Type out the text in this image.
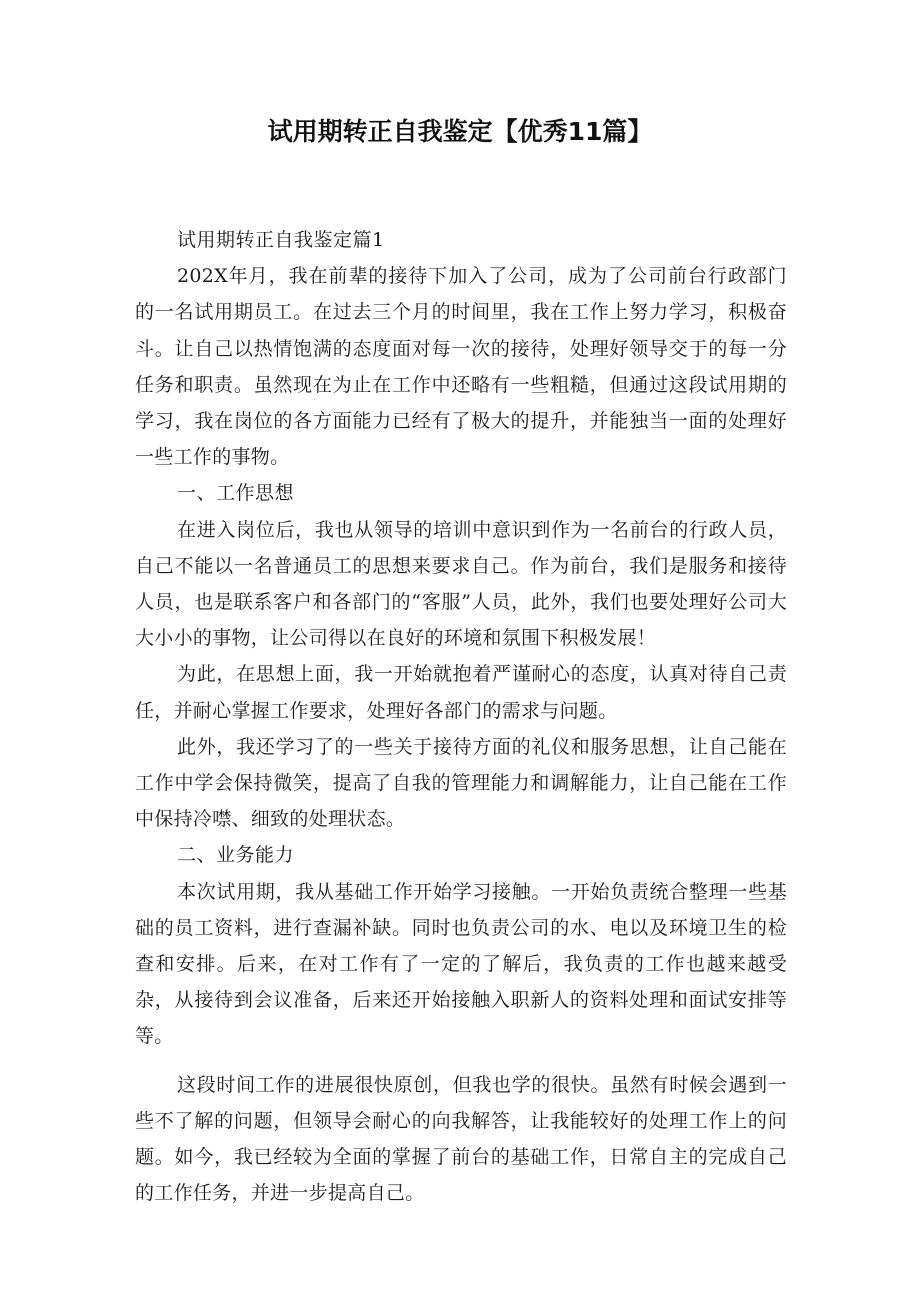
试用期转正自我鉴定【优秀11篇】

试用期转正自我鉴定篇1

202X年月，我在前辈的接待下加入了公司，成为了公司前台行政部门的一名试用期员工。在过去三个月的时间里，我在工作上努力学习，积极奋斗。让自己以热情饱满的态度面对每一次的接待，处理好领导交于的每一分任务和职责。虽然现在为止在工作中还略有一些粗糙，但通过这段试用期的学习，我在岗位的各方面能力已经有了极大的提升，并能独当一面的处理好一些工作的事物。

一、工作思想

在进入岗位后，我也从领导的培训中意识到作为一名前台的行政人员，自己不能以一名普通员工的思想来要求自己。作为前台，我们是服务和接待人员，也是联系客户和各部门的“客服”人员，此外，我们也要处理好公司大大小小的事物，让公司得以在良好的环境和氛围下积极发展！

为此，在思想上面，我一开始就抱着严谨耐心的态度，认真对待自己责任，并耐心掌握工作要求，处理好各部门的需求与问题。

此外，我还学习了的一些关于接待方面的礼仪和服务思想，让自己能在工作中学会保持微笑，提高了自我的管理能力和调解能力，让自己能在工作中保持冷噤、细致的处理状态。

二、业务能力

本次试用期，我从基础工作开始学习接触。一开始负责统合整理一些基础的员工资料，进行查漏补缺。同时也负责公司的水、电以及环境卫生的检查和安排。后来，在对工作有了一定的了解后，我负责的工作也越来越受杂，从接待到会议准备，后来还开始接触入职新人的资料处理和面试安排等等。

这段时间工作的进展很快原创，但我也学的很快。虽然有时候会遇到一些不了解的问题，但领导会耐心的向我解答，让我能较好的处理工作上的问题。如今，我已经较为全面的掌握了前台的基础工作，日常自主的完成自己的工作任务，并进一步提高自己。
